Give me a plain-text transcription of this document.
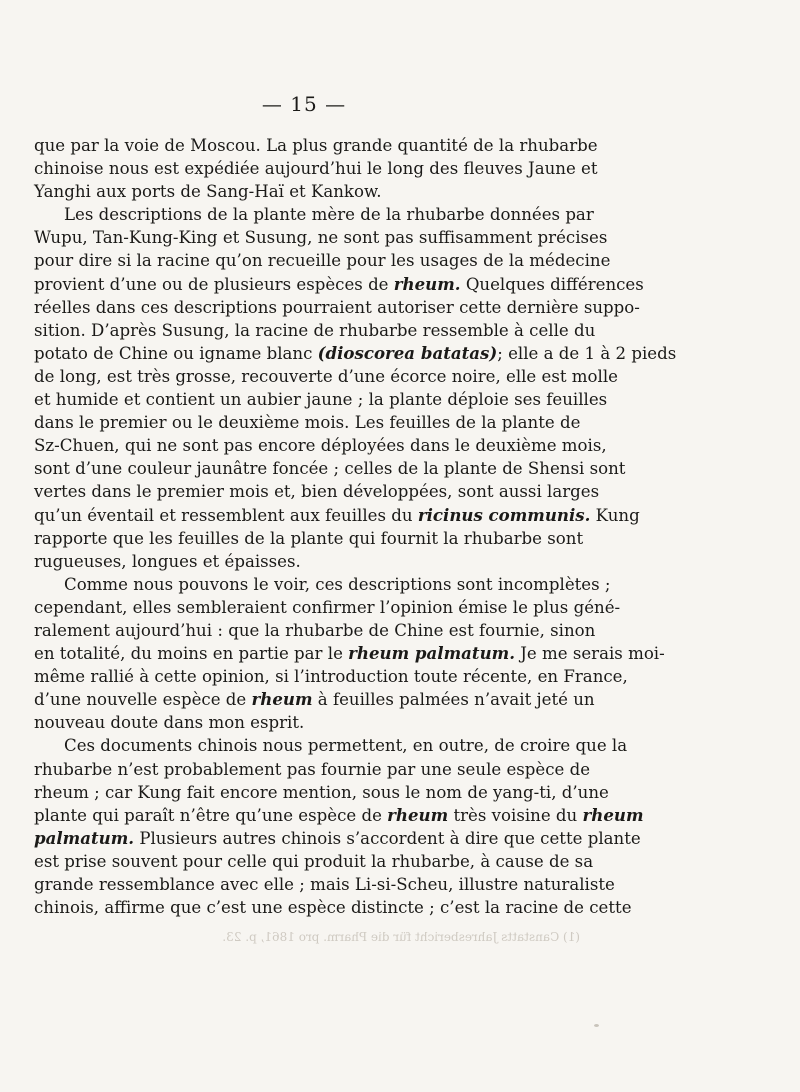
— 15 —
que par la voie de Moscou. La plus grande quantité de la rhubarbe
chinoise nous est expédiée aujourd’hui le long des fleuves Jaune et
Yanghi aux ports de Sang-Haï et Kankow.
Les descriptions de la plante mère de la rhubarbe données par
Wupu, Tan-Kung-King et Susung, ne sont pas suffisamment précises
pour dire si la racine qu’on recueille pour les usages de la médecine
provient d’une ou de plusieurs espèces de rheum. Quelques différences
réelles dans ces descriptions pourraient autoriser cette dernière suppo-
sition. D’après Susung, la racine de rhubarbe ressemble à celle du
potato de Chine ou igname blanc (dioscorea batatas); elle a de 1 à 2 pieds
de long, est très grosse, recouverte d’une écorce noire, elle est molle
et humide et contient un aubier jaune ; la plante déploie ses feuilles
dans le premier ou le deuxième mois. Les feuilles de la plante de
Sz-Chuen, qui ne sont pas encore déployées dans le deuxième mois,
sont d’une couleur jaunâtre foncée ; celles de la plante de Shensi sont
vertes dans le premier mois et, bien développées, sont aussi larges
qu’un éventail et ressemblent aux feuilles du ricinus communis. Kung
rapporte que les feuilles de la plante qui fournit la rhubarbe sont
rugueuses, longues et épaisses.
Comme nous pouvons le voir, ces descriptions sont incomplètes ;
cependant, elles sembleraient confirmer l’opinion émise le plus géné-
ralement aujourd’hui : que la rhubarbe de Chine est fournie, sinon
en totalité, du moins en partie par le rheum palmatum. Je me serais moi-
même rallié à cette opinion, si l’introduction toute récente, en France,
d’une nouvelle espèce de rheum à feuilles palmées n’avait jeté un
nouveau doute dans mon esprit.
Ces documents chinois nous permettent, en outre, de croire que la
rhubarbe n’est probablement pas fournie par une seule espèce de
rheum ; car Kung fait encore mention, sous le nom de yang-ti, d’une
plante qui paraît n’être qu’une espèce de rheum très voisine du rheum
palmatum. Plusieurs autres chinois s’accordent à dire que cette plante
est prise souvent pour celle qui produit la rhubarbe, à cause de sa
grande ressemblance avec elle ; mais Li-si-Scheu, illustre naturaliste
chinois, affirme que c’est une espèce distincte ; c’est la racine de cette
(1) Canstatts Jahresbericht für die Pharm. pro 1861, p. 23.
